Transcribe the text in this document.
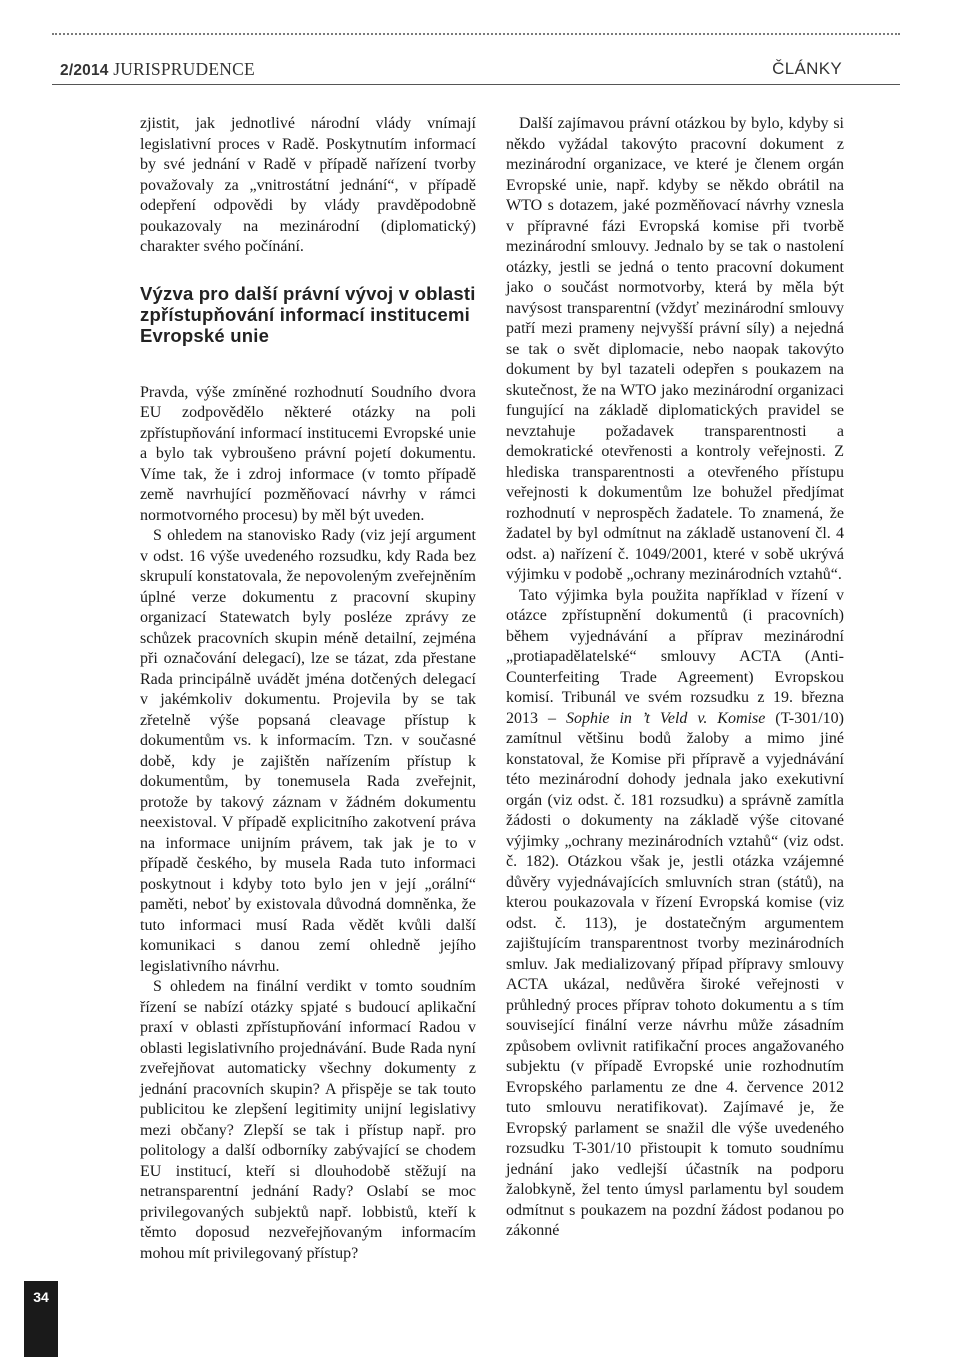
2/2014 JURISPRUDENCE	ČLÁNKY

zjistit, jak jednotlivé národní vlády vnímají legislativní proces v Radě. Poskytnutím informací by své jednání v Radě v případě nařízení tvorby považovaly za „vnitrostátní jednání“, v případě odepření odpovědi by vlády pravděpodobně poukazovaly na mezinárodní (diplomatický) charakter svého počínání.

Výzva pro další právní vývoj v oblasti zpřístupňování informací institucemi Evropské unie

Pravda, výše zmíněné rozhodnutí Soudního dvora EU zodpovědělo některé otázky na poli zpřístupňování informací institucemi Evropské unie a bylo tak vybroušeno právní pojetí dokumentu. Víme tak, že i zdroj informace (v tomto případě země navrhující pozměňovací návrhy v rámci normotvorného procesu) by měl být uveden.

S ohledem na stanovisko Rady (viz její argument v odst. 16 výše uvedeného rozsudku, kdy Rada bez skrupulí konstatovala, že nepovoleným zveřejněním úplné verze dokumentu z pracovní skupiny organizací Statewatch byly posléze zprávy ze schůzek pracovních skupin méně detailní, zejména při označování delegací), lze se tázat, zda přestane Rada principálně uvádět jména dotčených delegací v jakémkoliv dokumentu. Projevila by se tak zřetelně výše popsaná cleavage přístup k dokumentům vs. k informacím. Tzn. v současné době, kdy je zajištěn nařízením přístup k dokumentům, by tonemusela Rada zveřejnit, protože by takový záznam v žádném dokumentu neexistoval. V případě explicitního zakotvení práva na informace unijním právem, tak jak je to v případě českého, by musela Rada tuto informaci poskytnout i kdyby toto bylo jen v její „orální“ paměti, neboť by existovala důvodná domněnka, že tuto informaci musí Rada vědět kvůli další komunikaci s danou zemí ohledně jejího legislativního návrhu.

S ohledem na finální verdikt v tomto soudním řízení se nabízí otázky spjaté s budoucí aplikační praxí v oblasti zpřístupňování informací Radou v oblasti legislativního projednávání. Bude Rada nyní zveřejňovat automaticky všechny dokumenty z jednání pracovních skupin? A přispěje se tak touto publicitou ke zlepšení legitimity unijní legislativy mezi občany? Zlepší se tak i přístup např. pro politology a další odborníky zabývající se chodem EU institucí, kteří si dlouhodobě stěžují na netransparentní jednání Rady? Oslabí se moc privilegovaných subjektů např. lobbistů, kteří k těmto doposud nezveřejňovaným informacím mohou mít privilegovaný přístup?

Další zajímavou právní otázkou by bylo, kdyby si někdo vyžádal takovýto pracovní dokument z mezinárodní organizace, ve které je členem orgán Evropské unie, např. kdyby se někdo obrátil na WTO s dotazem, jaké pozměňovací návrhy vznesla v přípravné fázi Evropská komise při tvorbě mezinárodní smlouvy. Jednalo by se tak o nastolení otázky, jestli se jedná o tento pracovní dokument jako o součást normotvorby, která by měla být navýsost transparentní (vždyť mezinárodní smlouvy patří mezi prameny nejvyšší právní síly) a nejedná se tak o svět diplomacie, nebo naopak takovýto dokument by byl tazateli odepřen s poukazem na skutečnost, že na WTO jako mezinárodní organizaci fungující na základě diplomatických pravidel se nevztahuje požadavek transparentnosti a demokratické otevřenosti a kontroly veřejnosti. Z hlediska transparentnosti a otevřeného přístupu veřejnosti k dokumentům lze bohužel předjímat rozhodnutí v neprospěch žadatele. To znamená, že žadatel by byl odmítnut na základě ustanovení čl. 4 odst. a) nařízení č. 1049/2001, které v sobě ukrývá výjimku v podobě „ochrany mezinárodních vztahů“.

Tato výjimka byla použita například v řízení v otázce zpřístupnění dokumentů (i pracovních) během vyjednávání a příprav mezinárodní „protiapadělatelské“ smlouvy ACTA (Anti-Counterfeiting Trade Agreement) Evropskou komisí. Tribunál ve svém rozsudku z 19. března 2013 – Sophie in ’t Veld v. Komise (T-301/10) zamítnul většinu bodů žaloby a mimo jiné konstatoval, že Komise při přípravě a vyjednávání této mezinárodní dohody jednala jako exekutivní orgán (viz odst. č. 181 rozsudku) a správně zamítla žádosti o dokumenty na základě výše citované výjimky „ochrany mezinárodních vztahů“ (viz odst. č. 182). Otázkou však je, jestli otázka vzájemné důvěry vyjednávajících smluvních stran (států), na kterou poukazovala v řízení Evropská komise (viz odst. č. 113), je dostatečným argumentem zajištujícím transparentnost tvorby mezinárodních smluv. Jak medializovaný případ přípravy smlouvy ACTA ukázal, nedůvěra široké veřejnosti v průhledný proces příprav tohoto dokumentu a s tím související finální verze návrhu může zásadním způsobem ovlivnit ratifikační proces angažovaného subjektu (v případě Evropské unie rozhodnutím Evropského parlamentu ze dne 4. července 2012 tuto smlouvu neratifikovat). Zajímavé je, že Evropský parlament se snažil dle výše uvedeného rozsudku T-301/10 přistoupit k tomuto soudnímu jednání jako vedlejší účastník na podporu žalobkyně, žel tento úmysl parlamentu byl soudem odmítnut s poukazem na pozdní žádost podanou po zákonné

34
